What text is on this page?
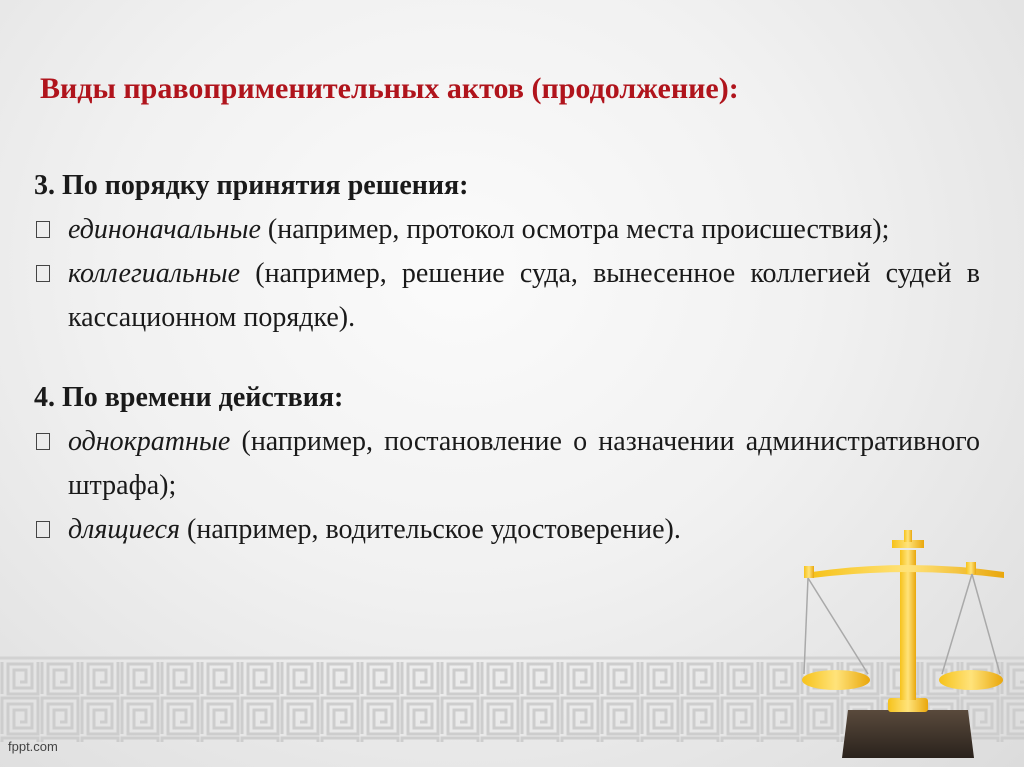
Виды правоприменительных актов (продолжение):
3. По порядку принятия решения:
единоначальные (например, протокол осмотра места происшествия);
коллегиальные (например, решение суда, вынесенное коллегией судей в кассационном порядке).
4. По времени действия:
однократные (например, постановление о назначении административного штрафа);
длящиеся (например, водительское удостоверение).
fppt.com
